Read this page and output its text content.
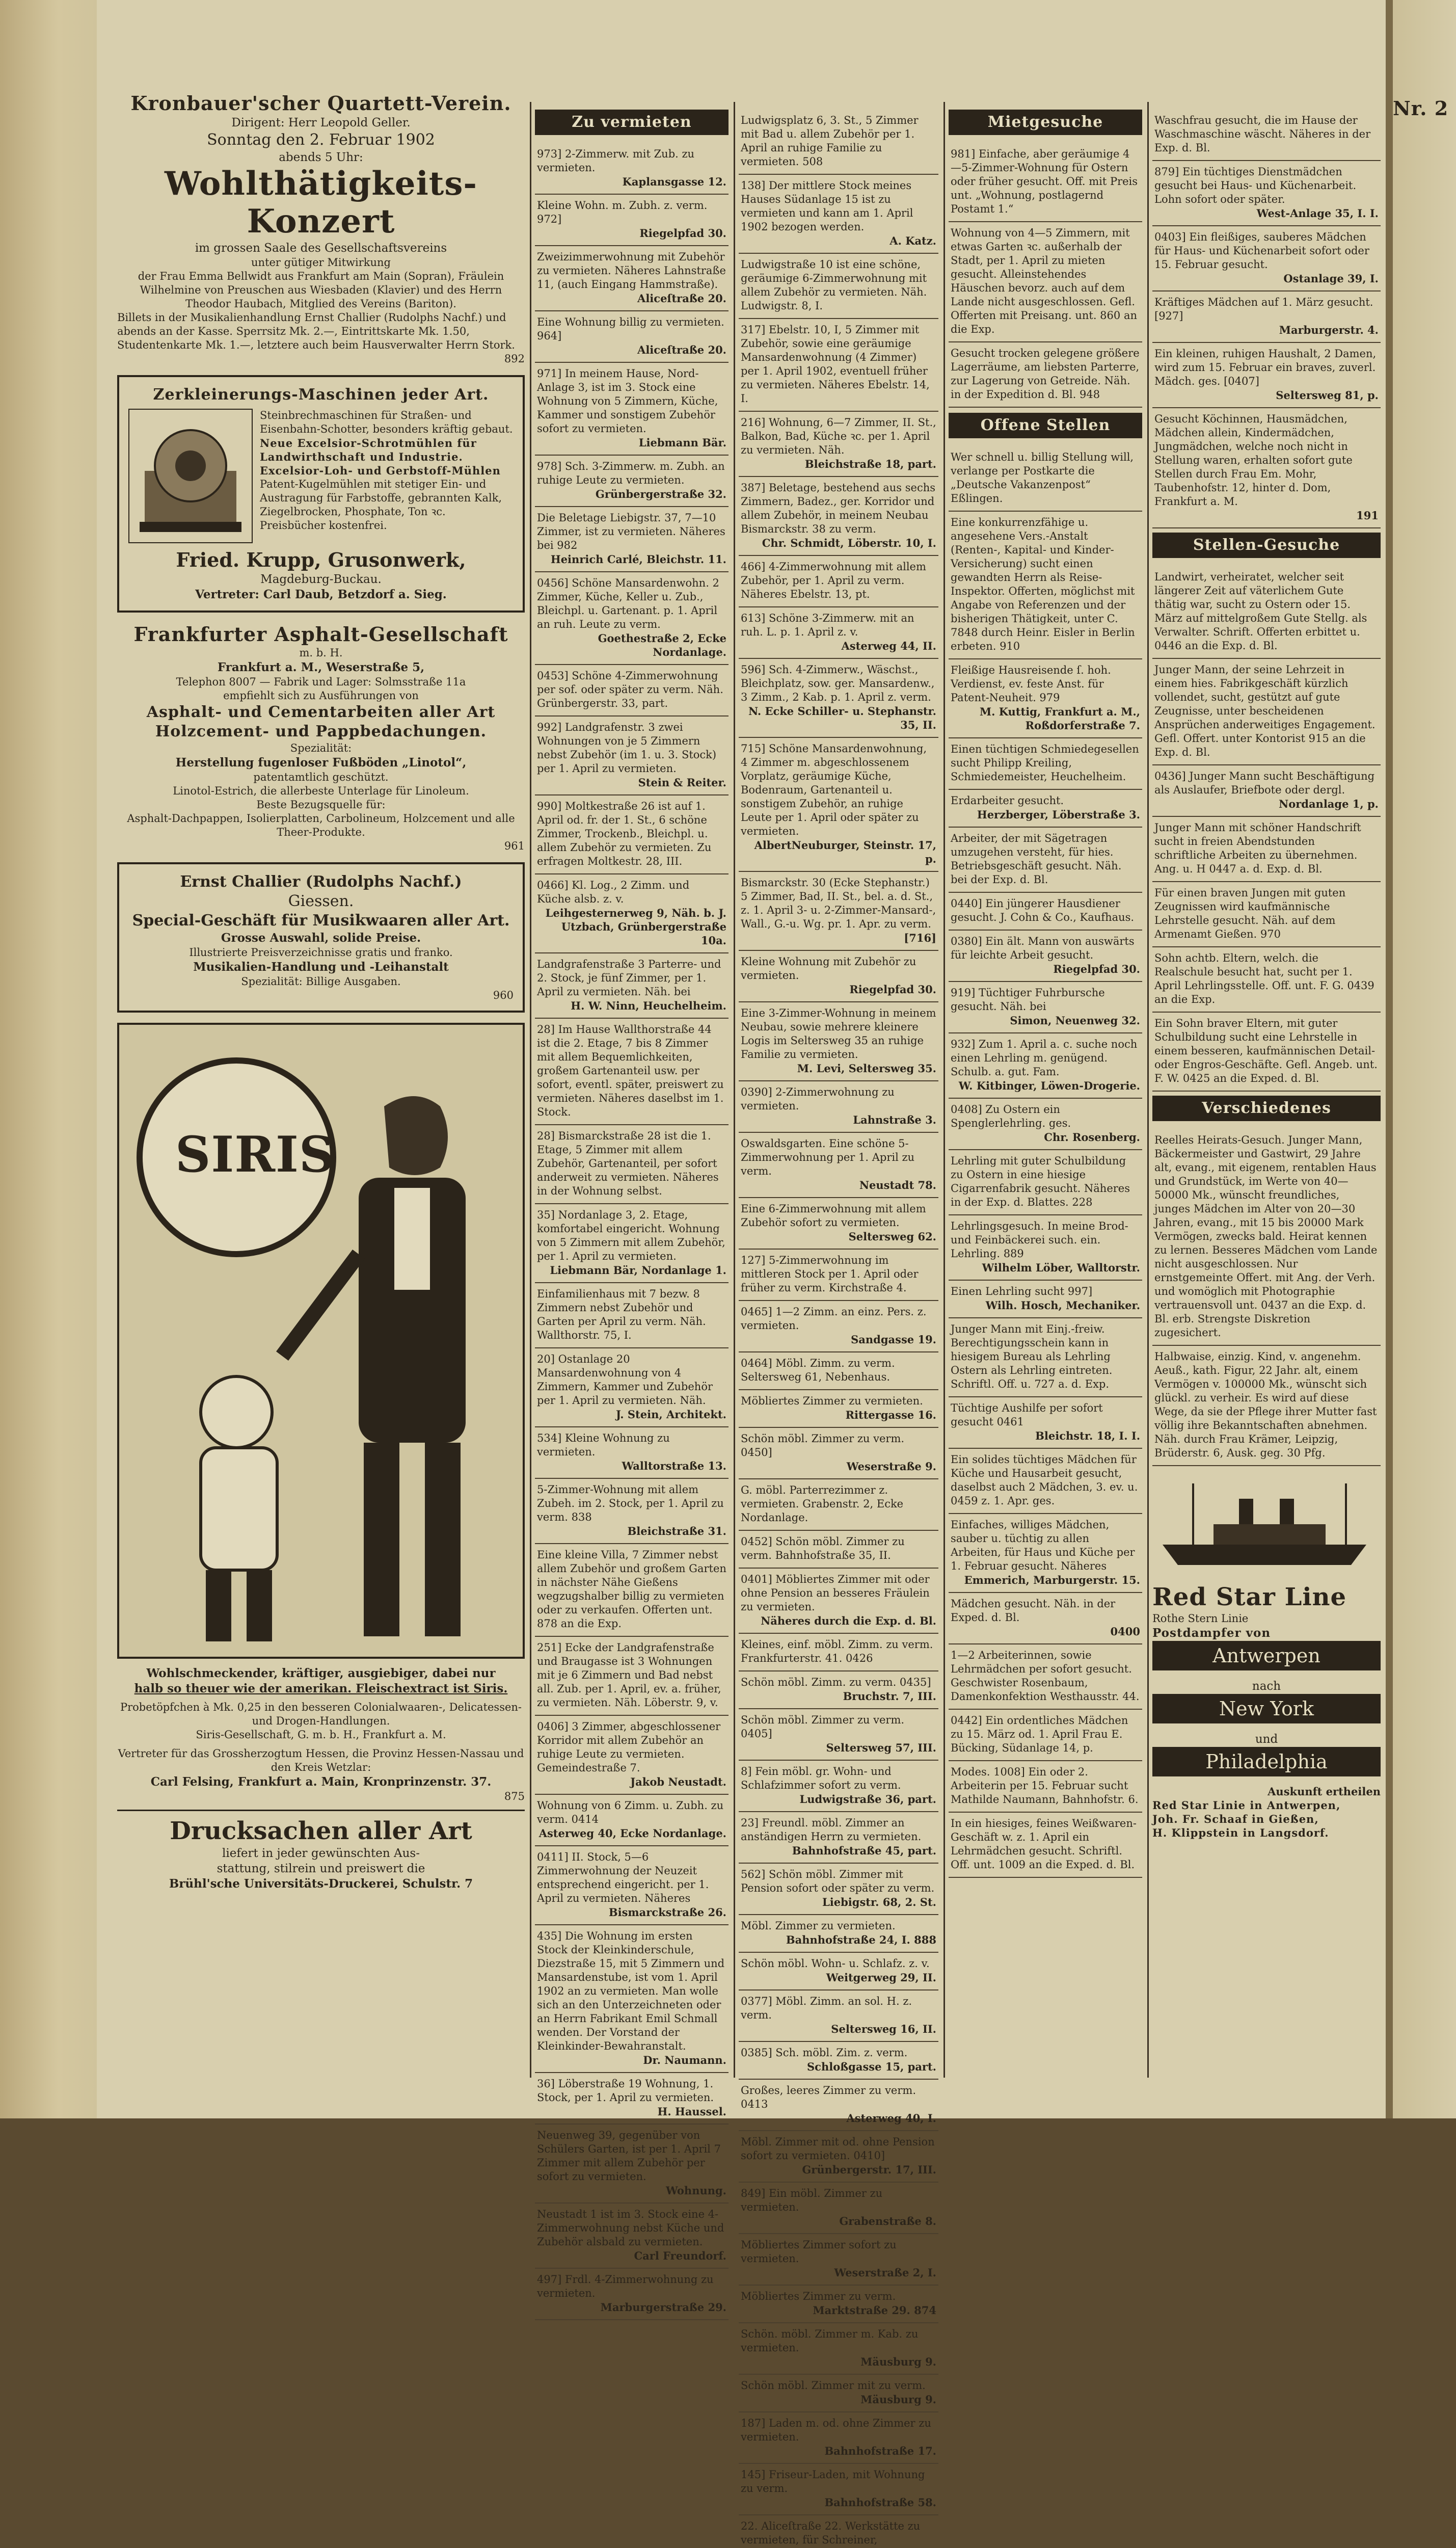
Nr. 2
Kronbauer'scher Quartett-Verein.
Dirigent: Herr Leopold Geller.
Sonntag den 2. Februar 1902
abends 5 Uhr:
Wohlthätigkeits-Konzert
im grossen Saale des Gesellschaftsvereins
unter gütiger Mitwirkung
der Frau Emma Bellwidt aus Frankfurt am Main (Sopran), Fräulein Wilhelmine von Preuschen aus Wiesbaden (Klavier) und des Herrn Theodor Haubach, Mitglied des Vereins (Bariton).
Billets in der Musikalienhandlung Ernst Challier (Rudolphs Nachf.) und abends an der Kasse. Sperrsitz Mk. 2.—, Eintrittskarte Mk. 1.50, Studentenkarte Mk. 1.—, letztere auch beim Hausverwalter Herrn Stork.
892
Zerkleinerungs-Maschinen jeder Art.
Steinbrechmaschinen für Straßen- und Eisenbahn-Schotter, besonders kräftig gebaut.
Neue Excelsior-Schrotmühlen für Landwirthschaft und Industrie.
Excelsior-Loh- und Gerbstoff-Mühlen
Patent-Kugelmühlen mit stetiger Ein- und Austragung für Farbstoffe, gebrannten Kalk, Ziegelbrocken, Phosphate, Ton ꝛc.
Preisbücher kostenfrei.
Fried. Krupp, Grusonwerk,
Magdeburg-Buckau.
Vertreter: Carl Daub, Betzdorf a. Sieg.
Frankfurter Asphalt-Gesellschaft
m. b. H.
Frankfurt a. M., Weserstraße 5,
Telephon 8007 — Fabrik und Lager: Solmsstraße 11a
empfiehlt sich zu Ausführungen von
Asphalt- und Cementarbeiten aller Art
Holzcement- und Pappbedachungen.
Spezialität:
Herstellung fugenloser Fußböden „Linotol“,
patentamtlich geschützt.
Linotol-Estrich, die allerbeste Unterlage für Linoleum.
Beste Bezugsquelle für:
Asphalt-Dachpappen, Isolierplatten, Carbolineum, Holzcement und alle Theer-Produkte.
961
Ernst Challier (Rudolphs Nachf.)
Giessen.
Special-Geschäft für Musikwaaren aller Art.
Grosse Auswahl, solide Preise.
Illustrierte Preisverzeichnisse gratis und franko.
Musikalien-Handlung und -Leihanstalt
Spezialität: Billige Ausgaben.
960
SIRIS
Wohlschmeckender, kräftiger, ausgiebiger, dabei nur
halb so theuer wie der amerikan. Fleischextract ist Siris.
Probetöpfchen à Mk. 0,25 in den besseren Colonialwaaren-, Delicatessen- und Drogen-Handlungen.
Siris-Gesellschaft, G. m. b. H., Frankfurt a. M.
Vertreter für das Grossherzogtum Hessen, die Provinz Hessen-Nassau und den Kreis Wetzlar:
Carl Felsing, Frankfurt a. Main, Kronprinzenstr. 37.
875
Drucksachen aller Art
liefert in jeder gewünschten Aus-
stattung, stilrein und preiswert die
Brühl'sche Universitäts-Druckerei, Schulstr. 7
Zu vermieten
973] 2-Zimmerw. mit Zub. zu vermieten.
Kaplansgasse 12.
Kleine Wohn. m. Zubh. z. verm. 972]
Riegelpfad 30.
Zweizimmerwohnung mit Zubehör zu vermieten. Näheres Lahnstraße 11, (auch Eingang Hammstraße).
Aliceſtraße 20.
Eine Wohnung billig zu vermieten. 964]
Aliceſtraße 20.
971] In meinem Hause, Nord-Anlage 3, ist im 3. Stock eine Wohnung von 5 Zimmern, Küche, Kammer und sonstigem Zubehör sofort zu vermieten.
Liebmann Bär.
978] Sch. 3-Zimmerw. m. Zubh. an ruhige Leute zu vermieten.
Grünbergerstraße 32.
Die Beletage Liebigstr. 37, 7—10 Zimmer, ist zu vermieten. Näheres bei 982
Heinrich Carlé, Bleichstr. 11.
0456] Schöne Mansardenwohn. 2 Zimmer, Küche, Keller u. Zub., Bleichpl. u. Gartenant. p. 1. April an ruh. Leute zu verm.
Goethestraße 2, Ecke Nordanlage.
0453] Schöne 4-Zimmerwohnung per sof. oder später zu verm. Näh. Grünbergerstr. 33, part.
992] Landgrafenstr. 3 zwei Wohnungen von je 5 Zimmern nebst Zubehör (im 1. u. 3. Stock) per 1. April zu vermieten.
Stein & Reiter.
990] Moltkestraße 26 ist auf 1. April od. fr. der 1. St., 6 schöne Zimmer, Trockenb., Bleichpl. u. allem Zubehör zu vermieten. Zu erfragen Moltkestr. 28, III.
0466] Kl. Log., 2 Zimm. und Küche alsb. z. v.
Leihgesternerweg 9, Näh. b. J. Utzbach, Grünbergerstraße 10a.
Landgrafenstraße 3 Parterre- und 2. Stock, je fünf Zimmer, per 1. April zu vermieten. Näh. bei
H. W. Ninn, Heuchelheim.
28] Im Hause Wallthorstraße 44 ist die 2. Etage, 7 bis 8 Zimmer mit allem Bequemlichkeiten, großem Gartenanteil usw. per sofort, eventl. später, preiswert zu vermieten. Näheres daselbst im 1. Stock.
28] Bismarckstraße 28 ist die 1. Etage, 5 Zimmer mit allem Zubehör, Gartenanteil, per sofort anderweit zu vermieten. Näheres in der Wohnung selbst.
35] Nordanlage 3, 2. Etage, komfortabel eingericht. Wohnung von 5 Zimmern mit allem Zubehör, per 1. April zu vermieten.
Liebmann Bär, Nordanlage 1.
Einfamilienhaus mit 7 bezw. 8 Zimmern nebst Zubehör und Garten per April zu verm. Näh. Wallthorstr. 75, I.
20] Ostanlage 20 Mansardenwohnung von 4 Zimmern, Kammer und Zubehör per 1. April zu vermieten. Näh.
J. Stein, Architekt.
534] Kleine Wohnung zu vermieten.
Walltorstraße 13.
5-Zimmer-Wohnung mit allem Zubeh. im 2. Stock, per 1. April zu verm. 838
Bleichstraße 31.
Eine kleine Villa, 7 Zimmer nebst allem Zubehör und großem Garten in nächster Nähe Gießens wegzugshalber billig zu vermieten oder zu verkaufen. Offerten unt. 878 an die Exp.
251] Ecke der Landgrafenstraße und Braugasse ist 3 Wohnungen mit je 6 Zimmern und Bad nebst all. Zub. per 1. April, ev. a. früher, zu vermieten. Näh. Löberstr. 9, v.
0406] 3 Zimmer, abgeschlossener Korridor mit allem Zubehör an ruhige Leute zu vermieten. Gemeindestraße 7.
Jakob Neustadt.
Wohnung von 6 Zimm. u. Zubh. zu verm. 0414
Asterweg 40, Ecke Nordanlage.
0411] II. Stock, 5—6 Zimmerwohnung der Neuzeit entsprechend eingericht. per 1. April zu vermieten. Näheres
Bismarckstraße 26.
435] Die Wohnung im ersten Stock der Kleinkinderschule, Diezstraße 15, mit 5 Zimmern und Mansardenstube, ist vom 1. April 1902 an zu vermieten. Man wolle sich an den Unterzeichneten oder an Herrn Fabrikant Emil Schmall wenden. Der Vorstand der Kleinkinder-Bewahranstalt.
Dr. Naumann.
36] Löberstraße 19 Wohnung, 1. Stock, per 1. April zu vermieten.
H. Haussel.
Neuenweg 39, gegenüber von Schülers Garten, ist per 1. April 7 Zimmer mit allem Zubehör per sofort zu vermieten.
Wohnung.
Neustadt 1 ist im 3. Stock eine 4-Zimmerwohnung nebst Küche und Zubehör alsbald zu vermieten.
Carl Freundorf.
497] Frdl. 4-Zimmerwohnung zu vermieten.
Marburgerstraße 29.
Ludwigsplatz 6, 3. St., 5 Zimmer mit Bad u. allem Zubehör per 1. April an ruhige Familie zu vermieten. 508
138] Der mittlere Stock meines Hauses Südanlage 15 ist zu vermieten und kann am 1. April 1902 bezogen werden.
A. Katz.
Ludwigstraße 10 ist eine schöne, geräumige 6-Zimmerwohnung mit allem Zubehör zu vermieten. Näh. Ludwigstr. 8, I.
317] Ebelstr. 10, I, 5 Zimmer mit Zubehör, sowie eine geräumige Mansardenwohnung (4 Zimmer) per 1. April 1902, eventuell früher zu vermieten. Näheres Ebelstr. 14, I.
216] Wohnung, 6—7 Zimmer, II. St., Balkon, Bad, Küche ꝛc. per 1. April zu vermieten. Näh.
Bleichstraße 18, part.
387] Beletage, bestehend aus sechs Zimmern, Badez., ger. Korridor und allem Zubehör, in meinem Neubau Bismarckstr. 38 zu verm.
Chr. Schmidt, Löberstr. 10, I.
466] 4-Zimmerwohnung mit allem Zubehör, per 1. April zu verm. Näheres Ebelstr. 13, pt.
613] Schöne 3-Zimmerw. mit an ruh. L. p. 1. April z. v.
Asterweg 44, II.
596] Sch. 4-Zimmerw., Wäschst., Bleichplatz, sow. ger. Mansardenw., 3 Zimm., 2 Kab. p. 1. April z. verm.
N. Ecke Schiller- u. Stephanstr. 35, II.
715] Schöne Mansardenwohnung, 4 Zimmer m. abgeschlossenem Vorplatz, geräumige Küche, Bodenraum, Gartenanteil u. sonstigem Zubehör, an ruhige Leute per 1. April oder später zu vermieten.
AlbertNeuburger, Steinstr. 17, p.
Bismarckstr. 30 (Ecke Stephanstr.) 5 Zimmer, Bad, II. St., bel. a. d. St., z. 1. April 3- u. 2-Zimmer-Mansard-, Wall., G.-u. Wg. pr. 1. Apr. zu verm.
[716]
Kleine Wohnung mit Zubehör zu vermieten.
Riegelpfad 30.
Eine 3-Zimmer-Wohnung in meinem Neubau, sowie mehrere kleinere Logis im Seltersweg 35 an ruhige Familie zu vermieten.
M. Levi, Seltersweg 35.
0390] 2-Zimmerwohnung zu vermieten.
Lahnstraße 3.
Oswaldsgarten. Eine schöne 5-Zimmerwohnung per 1. April zu verm.
Neustadt 78.
Eine 6-Zimmerwohnung mit allem Zubehör sofort zu vermieten.
Seltersweg 62.
127] 5-Zimmerwohnung im mittleren Stock per 1. April oder früher zu verm. Kirchstraße 4.
0465] 1—2 Zimm. an einz. Pers. z. vermieten.
Sandgasse 19.
0464] Möbl. Zimm. zu verm. Seltersweg 61, Nebenhaus.
Möbliertes Zimmer zu vermieten.
Rittergasse 16.
Schön möbl. Zimmer zu verm. 0450]
Weserstraße 9.
G. möbl. Parterrezimmer z. vermieten. Grabenstr. 2, Ecke Nordanlage.
0452] Schön möbl. Zimmer zu verm. Bahnhofstraße 35, II.
0401] Möbliertes Zimmer mit oder ohne Pension an besseres Fräulein zu vermieten.
Näheres durch die Exp. d. Bl.
Kleines, einf. möbl. Zimm. zu verm. Frankfurterstr. 41. 0426
Schön möbl. Zimm. zu verm. 0435]
Bruchstr. 7, III.
Schön möbl. Zimmer zu verm. 0405]
Seltersweg 57, III.
8] Fein möbl. gr. Wohn- und Schlafzimmer sofort zu verm.
Ludwigstraße 36, part.
23] Freundl. möbl. Zimmer an anständigen Herrn zu vermieten.
Bahnhofstraße 45, part.
562] Schön möbl. Zimmer mit Pension sofort oder später zu verm.
Liebigstr. 68, 2. St.
Möbl. Zimmer zu vermieten.
Bahnhofstraße 24, I. 888
Schön möbl. Wohn- u. Schlafz. z. v.
Weitgerweg 29, II.
0377] Möbl. Zimm. an sol. H. z. verm.
Seltersweg 16, II.
0385] Sch. möbl. Zim. z. verm.
Schloßgasse 15, part.
Großes, leeres Zimmer zu verm. 0413
Asterweg 40, I.
Möbl. Zimmer mit od. ohne Pension sofort zu vermieten. 0410]
Grünbergerstr. 17, III.
849] Ein möbl. Zimmer zu vermieten.
Grabenstraße 8.
Möbliertes Zimmer sofort zu vermieten.
Weserstraße 2, I.
Möbliertes Zimmer zu verm.
Marktstraße 29. 874
Schön. möbl. Zimmer m. Kab. zu vermieten.
Mäusburg 9.
Schön möbl. Zimmer mit zu verm.
Mäusburg 9.
187] Laden m. od. ohne Zimmer zu vermieten.
Bahnhofstraße 17.
145] Friseur-Laden, mit Wohnung zu verm.
Bahnhofstraße 58.
22. Aliceſtraße 22. Werkstätte zu vermieten, für Schreiner,
Mietgesuche
981] Einfache, aber geräumige 4—5-Zimmer-Wohnung für Ostern oder früher gesucht. Off. mit Preis unt. „Wohnung, postlagernd Postamt 1.“
Wohnung von 4—5 Zimmern, mit etwas Garten ꝛc. außerhalb der Stadt, per 1. April zu mieten gesucht. Alleinstehendes Häuschen bevorz. auch auf dem Lande nicht ausgeschlossen. Gefl. Offerten mit Preisang. unt. 860 an die Exp.
Gesucht trocken gelegene größere Lagerräume, am liebsten Parterre, zur Lagerung von Getreide. Näh. in der Expedition d. Bl. 948
Offene Stellen
Wer schnell u. billig Stellung will, verlange per Postkarte die „Deutsche Vakanzenpost“ Eßlingen.
Eine konkurrenzfähige u. angesehene Vers.-Anstalt (Renten-, Kapital- und Kinder-Versicherung) sucht einen gewandten Herrn als Reise-Inspektor. Offerten, möglichst mit Angabe von Referenzen und der bisherigen Thätigkeit, unter C. 7848 durch Heinr. Eisler in Berlin erbeten. 910
Fleißige Hausreisende ſ. hoh. Verdienst, ev. feste Anst. für Patent-Neuheit. 979
M. Kuttig, Frankfurt a. M., Roßdorferstraße 7.
Einen tüchtigen Schmiedegesellen sucht Philipp Kreiling, Schmiedemeister, Heuchelheim.
Erdarbeiter gesucht.
Herzberger, Löberstraße 3.
Arbeiter, der mit Sägetragen umzugehen versteht, für hies. Betriebsgeschäft gesucht. Näh. bei der Exp. d. Bl.
0440] Ein jüngerer Hausdiener gesucht. J. Cohn & Co., Kaufhaus.
0380] Ein ält. Mann von auswärts für leichte Arbeit gesucht.
Riegelpfad 30.
919] Tüchtiger Fuhrbursche gesucht. Näh. bei
Simon, Neuenweg 32.
932] Zum 1. April a. c. suche noch einen Lehrling m. genügend. Schulb. a. gut. Fam.
W. Kitbinger, Löwen-Drogerie.
0408] Zu Ostern ein Spenglerlehrling. ges.
Chr. Rosenberg.
Lehrling mit guter Schulbildung zu Ostern in eine hiesige Cigarrenfabrik gesucht. Näheres in der Exp. d. Blattes. 228
Lehrlingsgesuch. In meine Brod- und Feinbäckerei such. ein. Lehrling. 889
Wilhelm Löber, Walltorstr.
Einen Lehrling sucht 997]
Wilh. Hosch, Mechaniker.
Junger Mann mit Einj.-freiw. Berechtigungsschein kann in hiesigem Bureau als Lehrling Ostern als Lehrling eintreten. Schriftl. Off. u. 727 a. d. Exp.
Tüchtige Aushilfe per sofort gesucht 0461
Bleichstr. 18, I. I.
Ein solides tüchtiges Mädchen für Küche und Hausarbeit gesucht, daselbst auch 2 Mädchen, 3. ev. u. 0459 z. 1. Apr. ges.
Einfaches, williges Mädchen, sauber u. tüchtig zu allen Arbeiten, für Haus und Küche per 1. Februar gesucht. Näheres
Emmerich, Marburgerstr. 15.
Mädchen gesucht. Näh. in der Exped. d. Bl.
0400
1—2 Arbeiterinnen, sowie Lehrmädchen per sofort gesucht. Geschwister Rosenbaum, Damenkonfektion Westhausstr. 44.
0442] Ein ordentliches Mädchen zu 15. März od. 1. April Frau E. Bücking, Südanlage 14, p.
Modes. 1008] Ein oder 2. Arbeiterin per 15. Februar sucht Mathilde Naumann, Bahnhofstr. 6.
In ein hiesiges, feines Weißwaren-Geschäft w. z. 1. April ein Lehrmädchen gesucht. Schriftl. Off. unt. 1009 an die Exped. d. Bl.
Waschfrau gesucht, die im Hause der Waschmaschine wäscht. Näheres in der Exp. d. Bl.
879] Ein tüchtiges Dienstmädchen gesucht bei Haus- und Küchenarbeit. Lohn sofort oder später.
West-Anlage 35, I. I.
0403] Ein fleißiges, sauberes Mädchen für Haus- und Küchenarbeit sofort oder 15. Februar gesucht.
Ostanlage 39, I.
Kräftiges Mädchen auf 1. März gesucht. [927]
Marburgerstr. 4.
Ein kleinen, ruhigen Haushalt, 2 Damen, wird zum 15. Februar ein braves, zuverl. Mädch. ges. [0407]
Seltersweg 81, p.
Gesucht Köchinnen, Hausmädchen, Mädchen allein, Kindermädchen, Jungmädchen, welche noch nicht in Stellung waren, erhalten sofort gute Stellen durch Frau Em. Mohr, Taubenhofstr. 12, hinter d. Dom, Frankfurt a. M.
191
Stellen-Gesuche
Landwirt, verheiratet, welcher seit längerer Zeit auf väterlichem Gute thätig war, sucht zu Ostern oder 15. März auf mittelgroßem Gute Stellg. als Verwalter. Schrift. Offerten erbittet u. 0446 an die Exp. d. Bl.
Junger Mann, der seine Lehrzeit in einem hies. Fabrikgeschäft kürzlich vollendet, sucht, gestützt auf gute Zeugnisse, unter bescheidenen Ansprüchen anderweitiges Engagement. Gefl. Offert. unter Kontorist 915 an die Exp. d. Bl.
0436] Junger Mann sucht Beschäftigung als Auslaufer, Briefbote oder dergl.
Nordanlage 1, p.
Junger Mann mit schöner Handschrift sucht in freien Abendstunden schriftliche Arbeiten zu übernehmen. Ang. u. H 0447 a. d. Exp. d. Bl.
Für einen braven Jungen mit guten Zeugnissen wird kaufmännische Lehrstelle gesucht. Näh. auf dem Armenamt Gießen. 970
Sohn achtb. Eltern, welch. die Realschule besucht hat, sucht per 1. April Lehrlingsstelle. Off. unt. F. G. 0439 an die Exp.
Ein Sohn braver Eltern, mit guter Schulbildung sucht eine Lehrstelle in einem besseren, kaufmännischen Detail- oder Engros-Geschäfte. Gefl. Angeb. unt. F. W. 0425 an die Exped. d. Bl.
Verschiedenes
Reelles Heirats-Gesuch. Junger Mann, Bäckermeister und Gastwirt, 29 Jahre alt, evang., mit eigenem, rentablen Haus und Grundstück, im Werte von 40—50000 Mk., wünscht freundliches, junges Mädchen im Alter von 20—30 Jahren, evang., mit 15 bis 20000 Mark Vermögen, zwecks bald. Heirat kennen zu lernen. Besseres Mädchen vom Lande nicht ausgeschlossen. Nur ernstgemeinte Offert. mit Ang. der Verh. und womöglich mit Photographie vertrauensvoll unt. 0437 an die Exp. d. Bl. erb. Strengste Diskretion zugesichert.
Halbwaise, einzig. Kind, v. angenehm. Aeuß., kath. Figur, 22 Jahr. alt, einem Vermögen v. 100000 Mk., wünscht sich glückl. zu verheir. Es wird auf diese Wege, da sie der Pflege ihrer Mutter fast völlig ihre Bekanntschaften abnehmen. Näh. durch Frau Krämer, Leipzig, Brüderstr. 6, Ausk. geg. 30 Pfg.
Red Star Line
Rothe Stern Linie
Postdampfer von
Antwerpen
nach
New York
und
Philadelphia
Auskunft ertheilen
Red Star Linie in Antwerpen,
Joh. Fr. Schaaf in Gießen,
H. Klippstein in Langsdorf.
